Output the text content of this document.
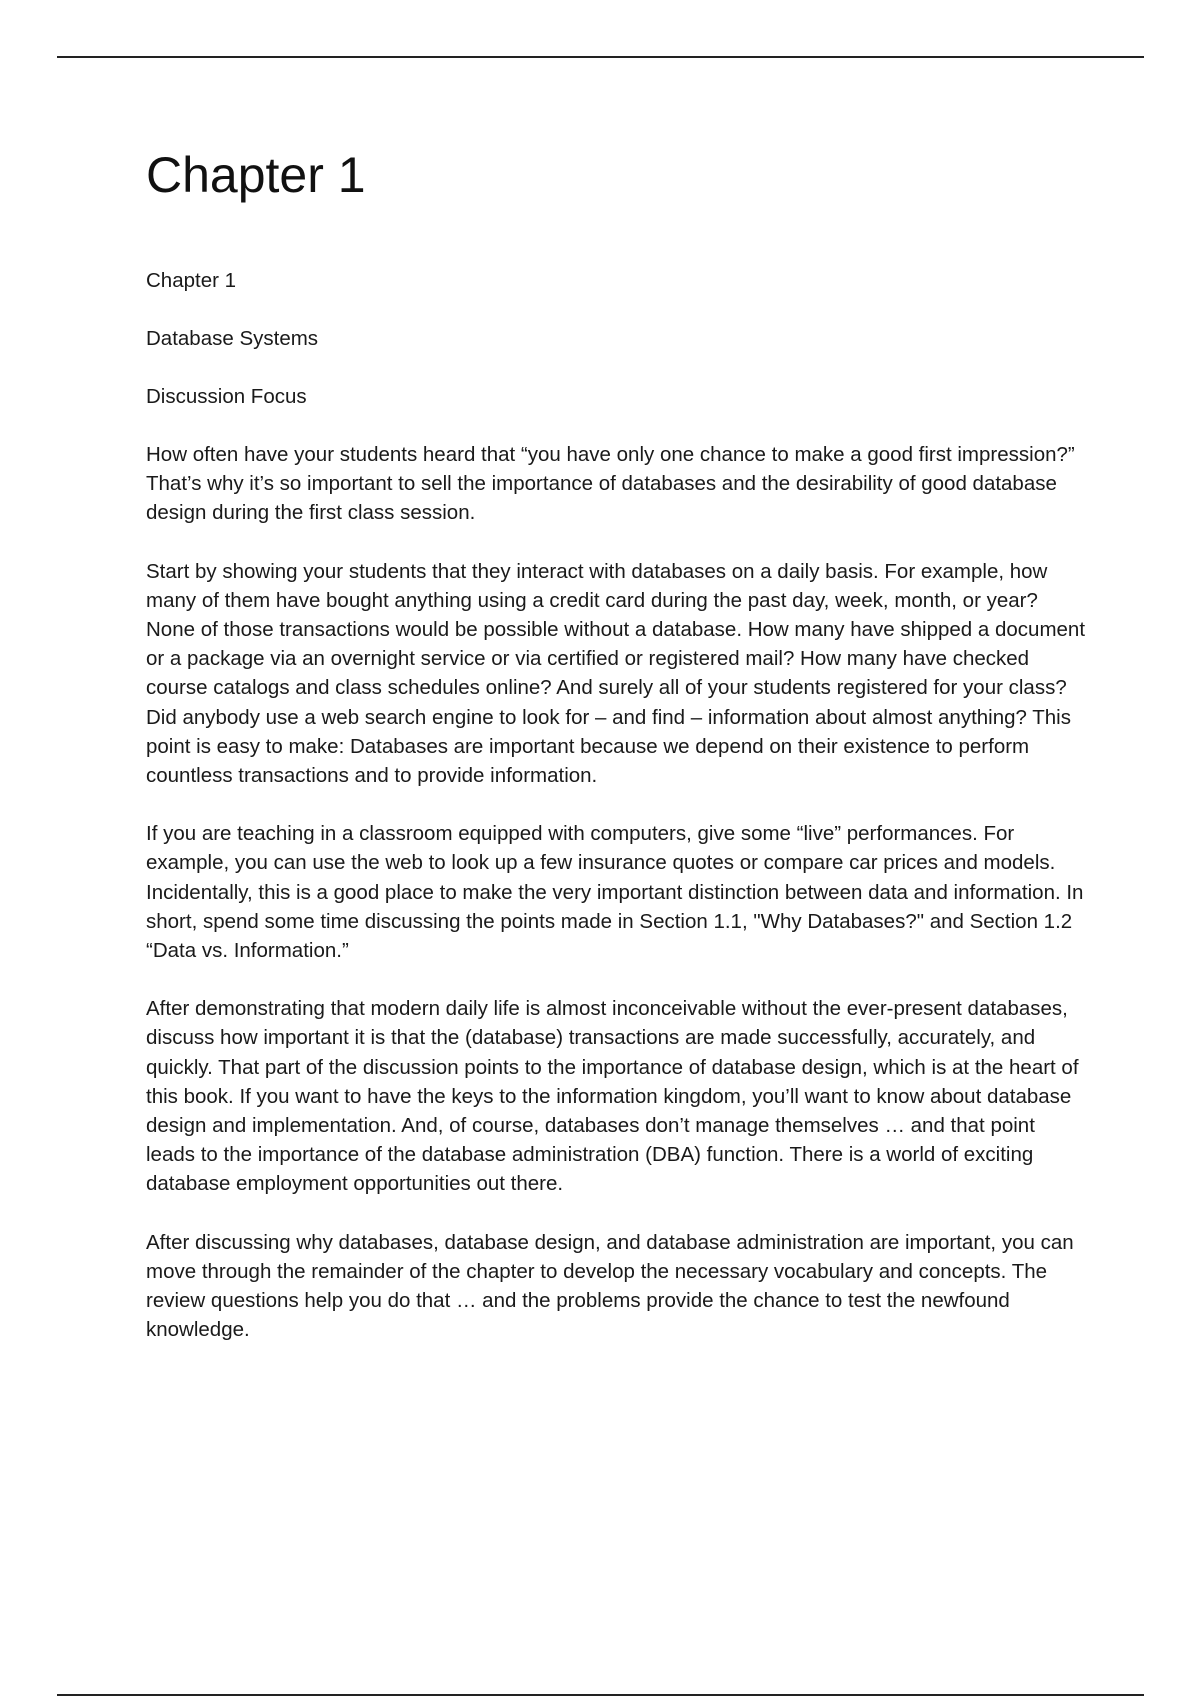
Chapter 1

Chapter 1

Database Systems

Discussion Focus

How often have your students heard that “you have only one chance to make a good first impression?” That’s why it’s so important to sell the importance of databases and the desirability of good database design during the first class session.

Start by showing your students that they interact with databases on a daily basis. For example, how many of them have bought anything using a credit card during the past day, week, month, or year? None of those transactions would be possible without a database. How many have shipped a document or a package via an overnight service or via certified or registered mail? How many have checked course catalogs and class schedules online? And surely all of your students registered for your class? Did anybody use a web search engine to look for – and find – information about almost anything? This point is easy to make: Databases are important because we depend on their existence to perform countless transactions and to provide information.

If you are teaching in a classroom equipped with computers, give some “live” performances. For example, you can use the web to look up a few insurance quotes or compare car prices and models. Incidentally, this is a good place to make the very important distinction between data and information. In short, spend some time discussing the points made in Section 1.1, "Why Databases?" and Section 1.2 “Data vs. Information.”

After demonstrating that modern daily life is almost inconceivable without the ever-present databases, discuss how important it is that the (database) transactions are made successfully, accurately, and quickly. That part of the discussion points to the importance of database design, which is at the heart of this book. If you want to have the keys to the information kingdom, you’ll want to know about database design and implementation. And, of course, databases don’t manage themselves … and that point leads to the importance of the database administration (DBA) function. There is a world of exciting database employment opportunities out there.

After discussing why databases, database design, and database administration are important, you can move through the remainder of the chapter to develop the necessary vocabulary and concepts. The review questions help you do that … and the problems provide the chance to test the newfound knowledge.
